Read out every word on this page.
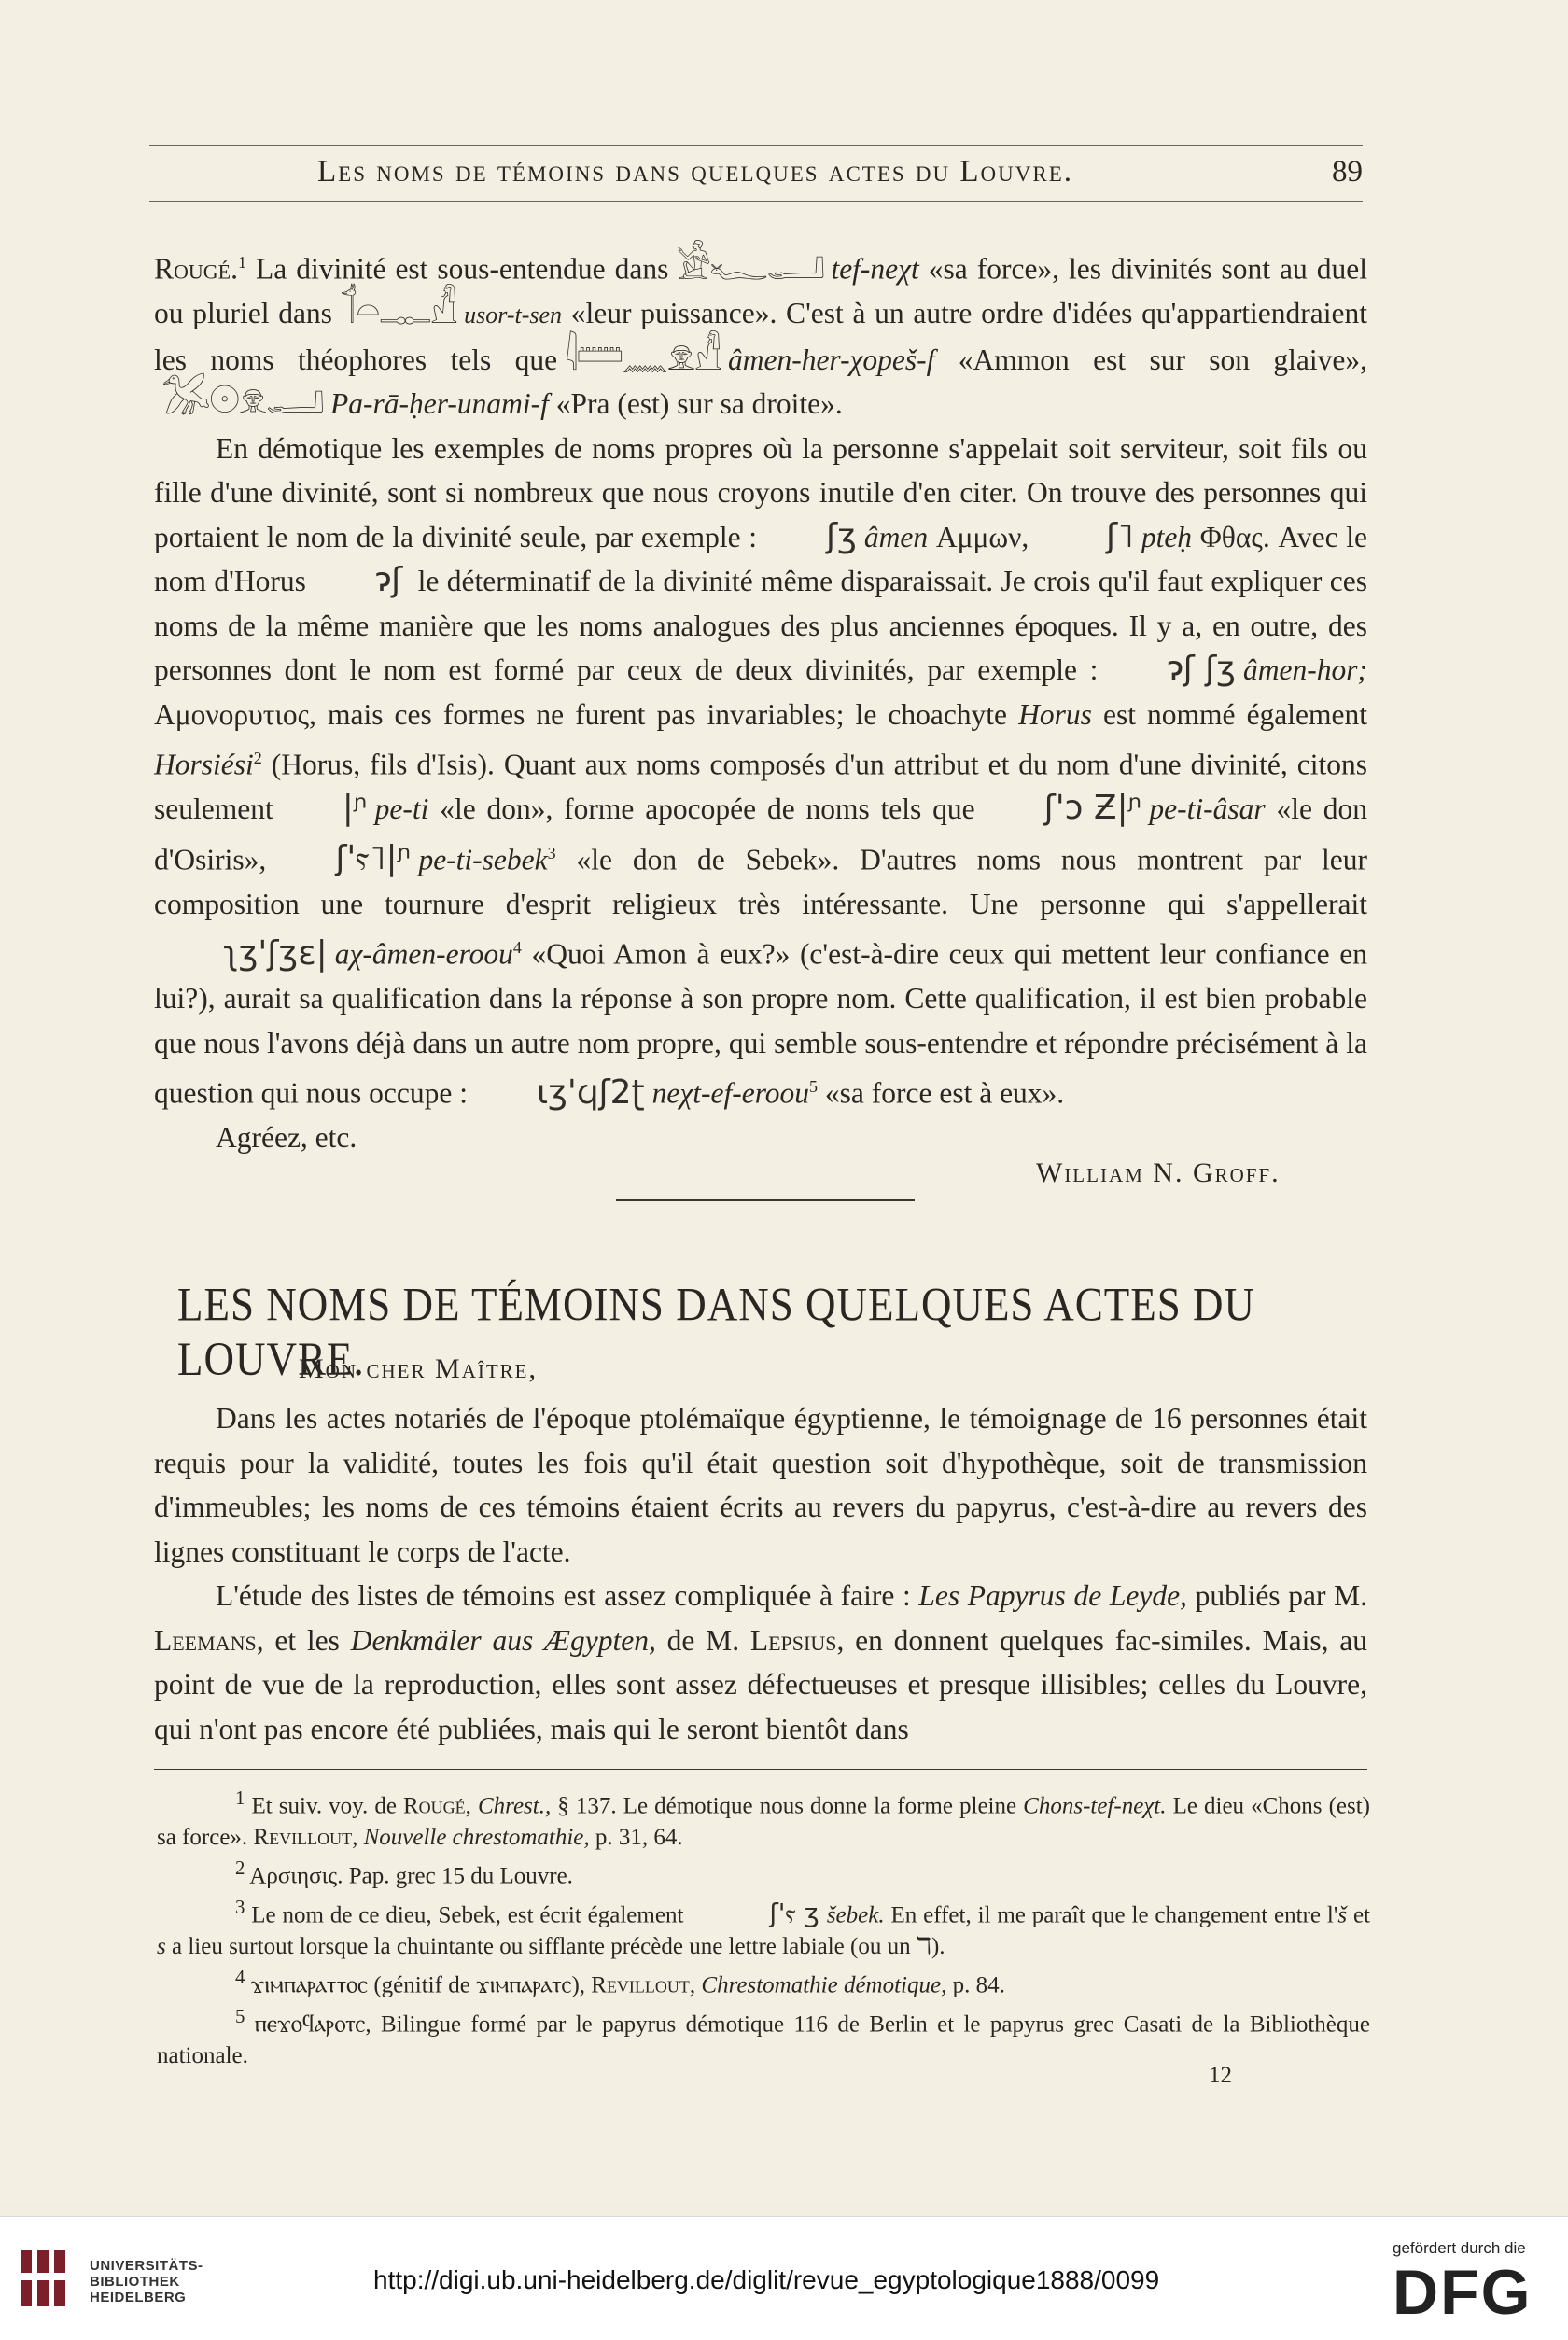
Les noms de témoins dans quelques actes du Louvre.	89

Rougé.$^1$ La divinité est sous-entendue dans 𓀀𓆑𓂝 tef-neχt «sa force», les divinités sont au duel ou pluriel dans 𓄊𓏏𓊃𓀭 usor-t-sen «leur puissance». C'est à un autre ordre d'idées qu'appartiendraient les noms théophores tels que 𓇋𓏠𓈖𓁷𓀭 âmen-her-χopeš-f «Ammon est sur son glaive»,𓅮𓇳𓁷𓂝 Pa-rā-ḥer-unami-f «Pra (est) sur sa droite».

En démotique les exemples de noms propres où la personne s'appelait soit serviteur, soit fils ou fille d'une divinité, sont si nombreux que nous croyons inutile d'en citer. On trouve des personnes qui portaient le nom de la divinité seule, par exemple : ʃʒ âmen Αμμων, ʃ˥ pteḥ Φθας. Avec le nom d'Horus ɂʃ le déterminatif de la divinité même disparaissait. Je crois qu'il faut expliquer ces noms de la même manière que les noms analogues des plus anciennes époques. Il y a, en outre, des personnes dont le nom est formé par ceux de deux divinités, par exemple : ɂʃ ʃʒ âmen-hor; Αμονορυτιος, mais ces formes ne furent pas invariables; le choachyte Horus est nommé également Horsiési$^2$ (Horus, fils d'Isis). Quant aux noms composés d'un attribut et du nom d'une divinité, citons seulement |ᶮ pe-ti «le don», forme apocopée de noms tels que ʃ'ɔ Ƶ|ᶮ pe-ti-âsar «le don d'Osiris», ʃ'ⲋ˥|ᶮ pe-ti-sebek$^3$ «le don de Sebek». D'autres noms nous montrent par leur composition une tournure d'esprit religieux très intéressante. Une personne qui s'appelleraitʅʒ'ʃʒɛ| aχ-âmen-eroou$^4$ «Quoi Amon à eux?» (c'est-à-dire ceux qui mettent leur confiance en lui?), aurait sa qualification dans la réponse à son propre nom. Cette qualification, il est bien probable que nous l'avons déjà dans un autre nom propre, qui semble sous-entendre et répondre précisément à la question qui nous occupe : ɩʒ'ϥʃ2ʈ neχt-ef-eroou$^5$ «sa force est à eux».

Agréez, etc.

William N. Groff.
LES NOMS DE TÉMOINS DANS QUELQUES ACTES DU LOUVRE.
Mon cher Maître,

Dans les actes notariés de l'époque ptolémaïque égyptienne, le témoignage de 16 personnes était requis pour la validité, toutes les fois qu'il était question soit d'hypothèque, soit de transmission d'immeubles; les noms de ces témoins étaient écrits au revers du papyrus, c'est-à-dire au revers des lignes constituant le corps de l'acte.

L'étude des listes de témoins est assez compliquée à faire : Les Papyrus de Leyde, publiés par M. Leemans, et les Denkmäler aus Ægypten, de M. Lepsius, en donnent quelques fac-similes. Mais, au point de vue de la reproduction, elles sont assez défectueuses et presque illisibles; celles du Louvre, qui n'ont pas encore été publiées, mais qui le seront bientôt dans

$^1$ Et suiv. voy. de Rougé, Chrest., § 137. Le démotique nous donne la forme pleine Chons-tef-neχt. Le dieu «Chons (est) sa force». Revillout, Nouvelle chrestomathie, p. 31, 64.

$^2$ Αρσιησις. Pap. grec 15 du Louvre.

$^3$ Le nom de ce dieu, Sebek, est écrit également	ʃ'ⲋ ʒ šebek. En effet, il me paraît que le changement entre l'š et s a lieu surtout lorsque la chuintante ou sifflante précède une lettre labiale (ou un ℸ).

$^4$ ϫⲓⲙⲡⲁⲣⲁⲧⲧⲟⲥ (génitif de ϫⲓⲙⲡⲁⲣⲁⲧⲥ), Revillout, Chrestomathie démotique, p. 84.

$^5$ ⲡⲉϫⲟϥⲁⲣⲟⲧⲥ, Bilingue formé par le papyrus démotique 116 de Berlin et le papyrus grec Casati de la Bibliothèque nationale.

12
UNIVERSITÄTS-
BIBLIOTHEK
HEIDELBERG
http://digi.ub.uni-heidelberg.de/diglit/revue_egyptologique1888/0099
gefördert durch die
DFG
